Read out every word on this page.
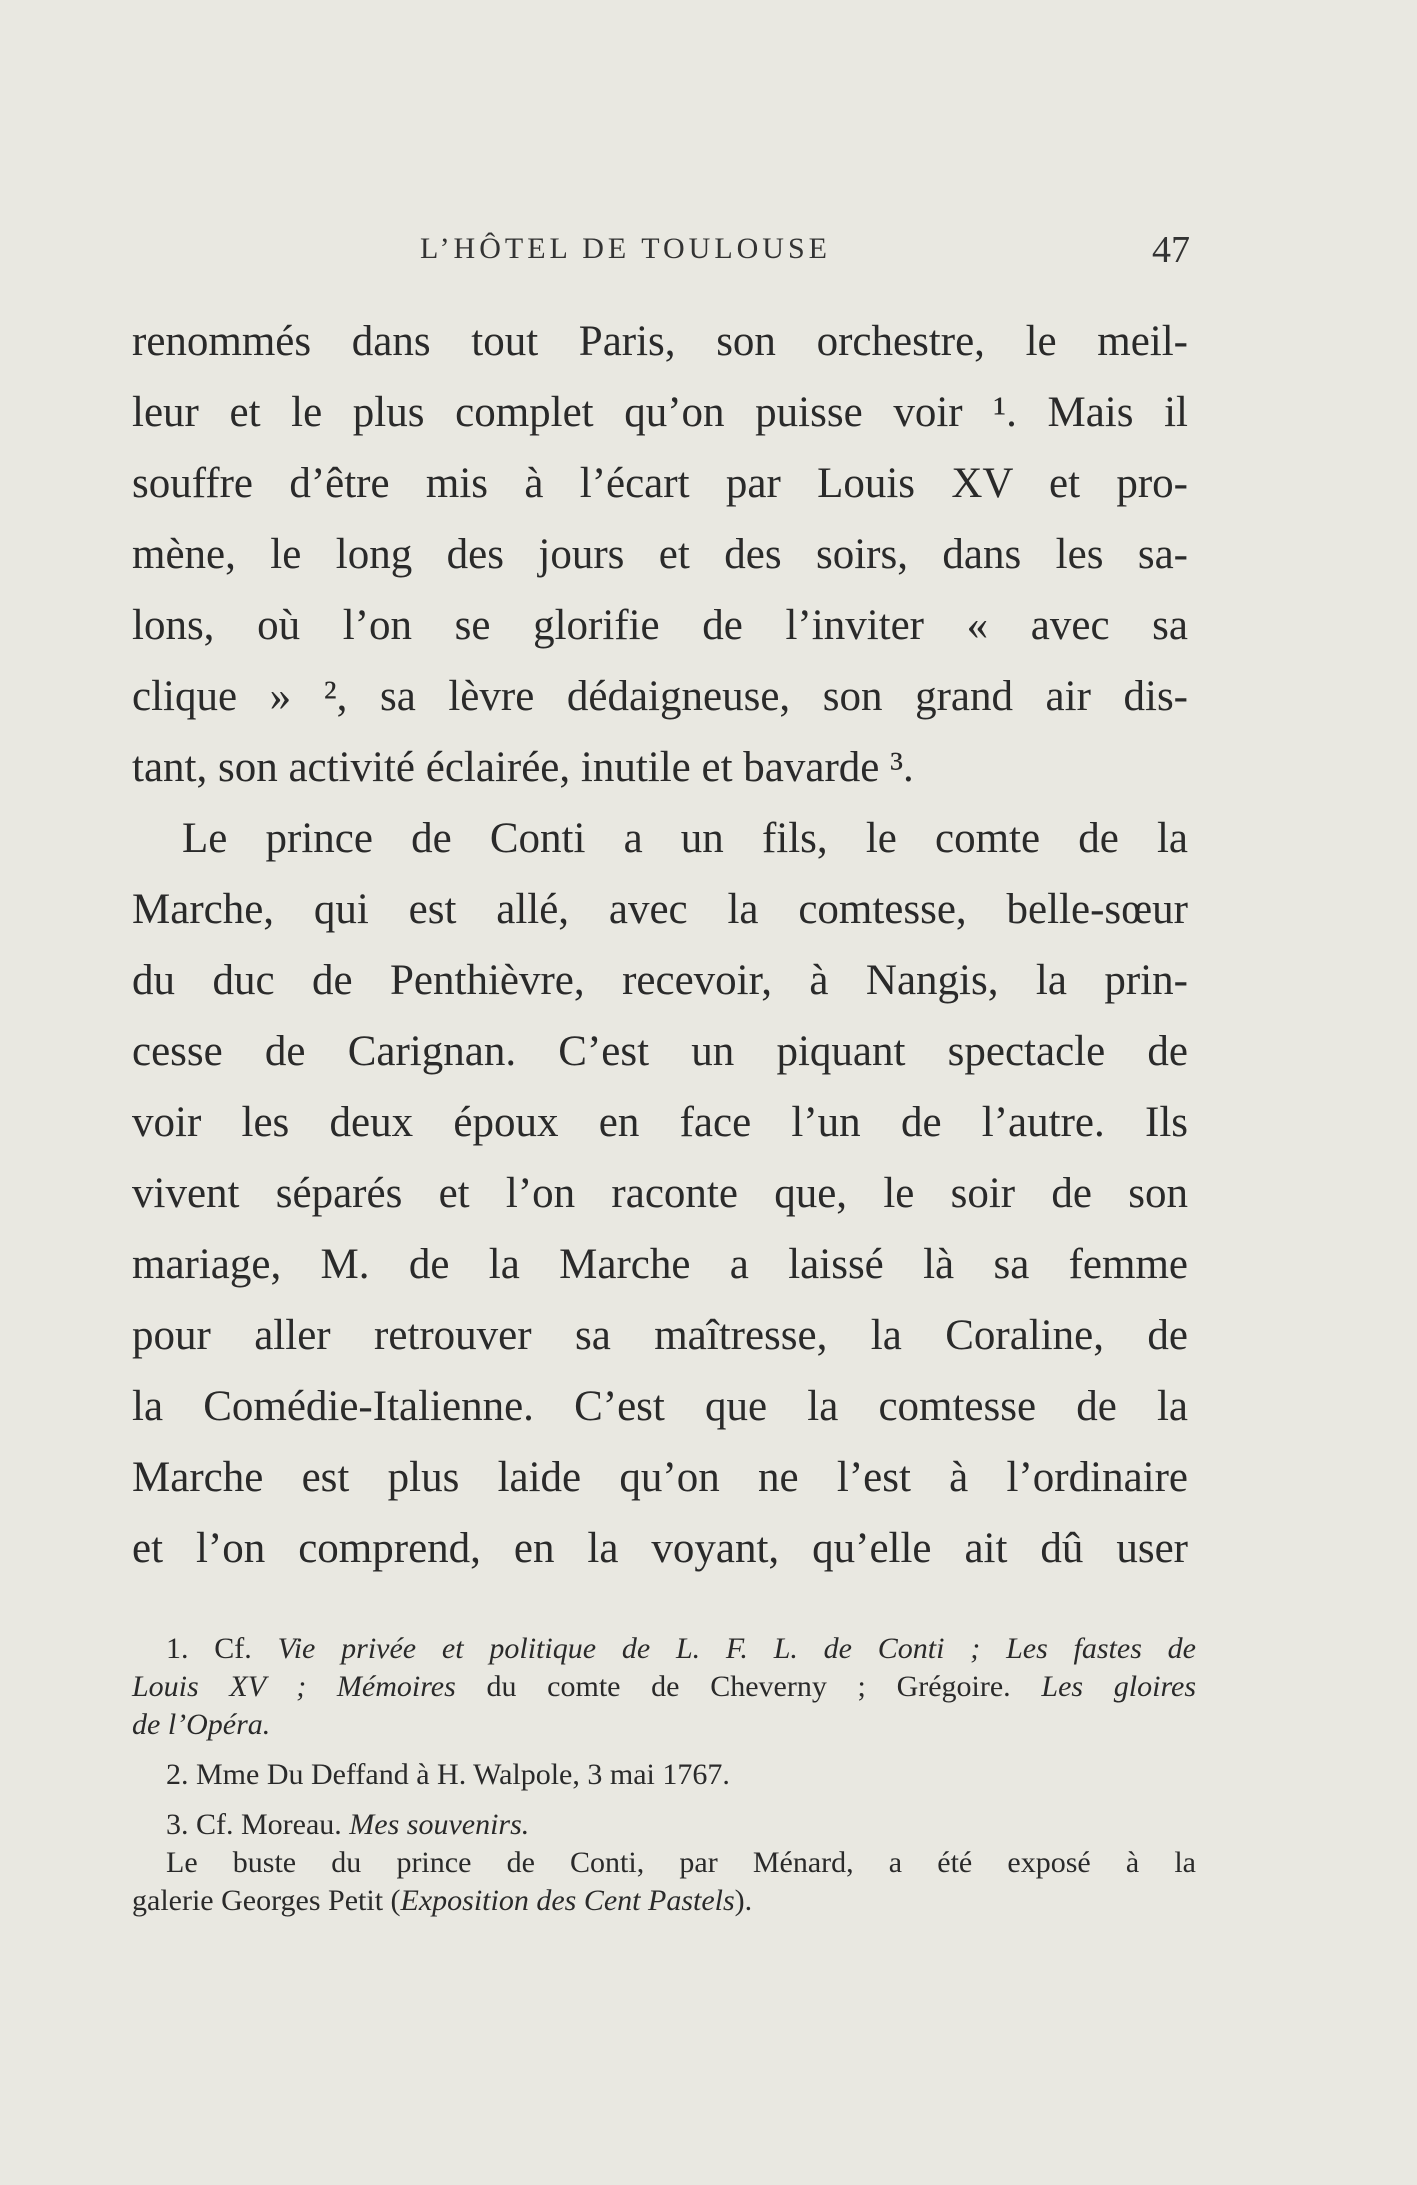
L’HÔTEL DE TOULOUSE	47
renommés dans tout Paris, son orchestre, le meil-
leur et le plus complet qu’on puisse voir ¹. Mais il
souffre d’être mis à l’écart par Louis XV et pro-
mène, le long des jours et des soirs, dans les sa-
lons, où l’on se glorifie de l’inviter « avec sa
clique » ², sa lèvre dédaigneuse, son grand air dis-
tant, son activité éclairée, inutile et bavarde ³.
Le prince de Conti a un fils, le comte de la
Marche, qui est allé, avec la comtesse, belle-sœur
du duc de Penthièvre, recevoir, à Nangis, la prin-
cesse de Carignan. C’est un piquant spectacle de
voir les deux époux en face l’un de l’autre. Ils
vivent séparés et l’on raconte que, le soir de son
mariage, M. de la Marche a laissé là sa femme
pour aller retrouver sa maîtresse, la Coraline, de
la Comédie-Italienne. C’est que la comtesse de la
Marche est plus laide qu’on ne l’est à l’ordinaire
et l’on comprend, en la voyant, qu’elle ait dû user
1. Cf. Vie privée et politique de L. F. L. de Conti ; Les fastes de
Louis XV ; Mémoires du comte de Cheverny ; Grégoire. Les gloires
de l’Opéra.
2. Mme Du Deffand à H. Walpole, 3 mai 1767.
3. Cf. Moreau. Mes souvenirs.
Le buste du prince de Conti, par Ménard, a été exposé à la
galerie Georges Petit (Exposition des Cent Pastels).
